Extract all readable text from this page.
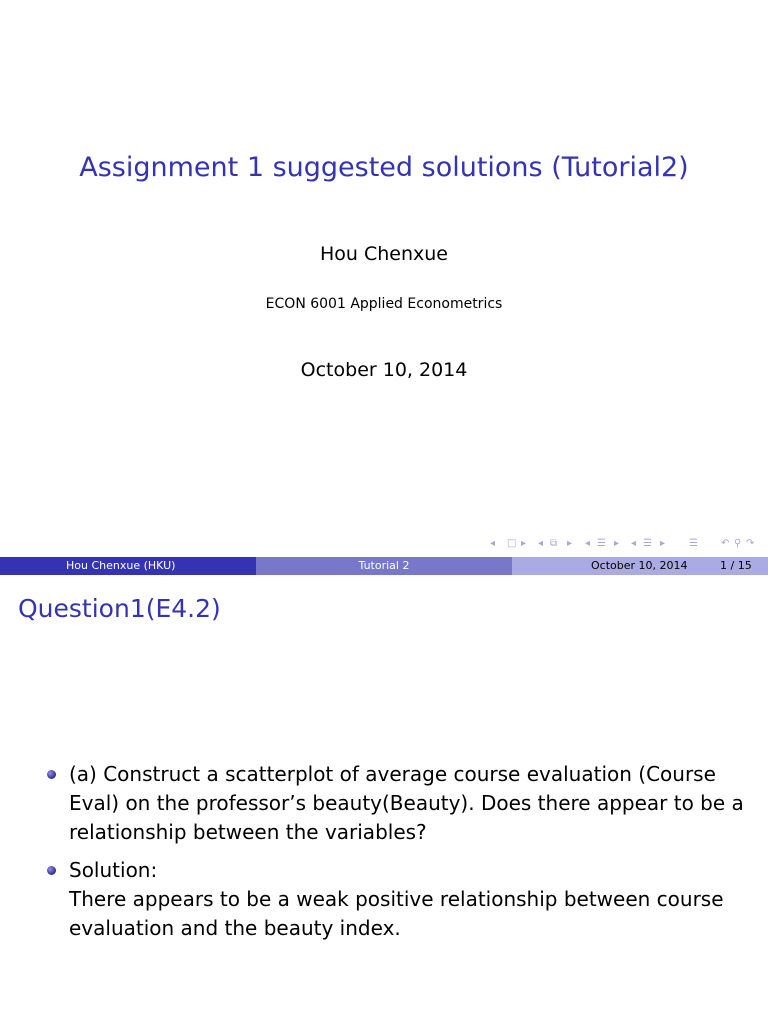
Assignment 1 suggested solutions (Tutorial2)
Hou Chenxue
ECON 6001 Applied Econometrics
October 10, 2014
◂ □ ▸ ◂ ⧉ ▸ ◂ ☰ ▸ ◂ ☰ ▸ ☰ ↶ ⚲ ↷
Hou Chenxue (HKU)	Tutorial 2	October 10, 2014	1 / 15
Question1(E4.2)
(a) Construct a scatterplot of average course evaluation (Course
Eval) on the professor’s beauty(Beauty). Does there appear to be a
relationship between the variables?
Solution:
There appears to be a weak positive relationship between course
evaluation and the beauty index.
